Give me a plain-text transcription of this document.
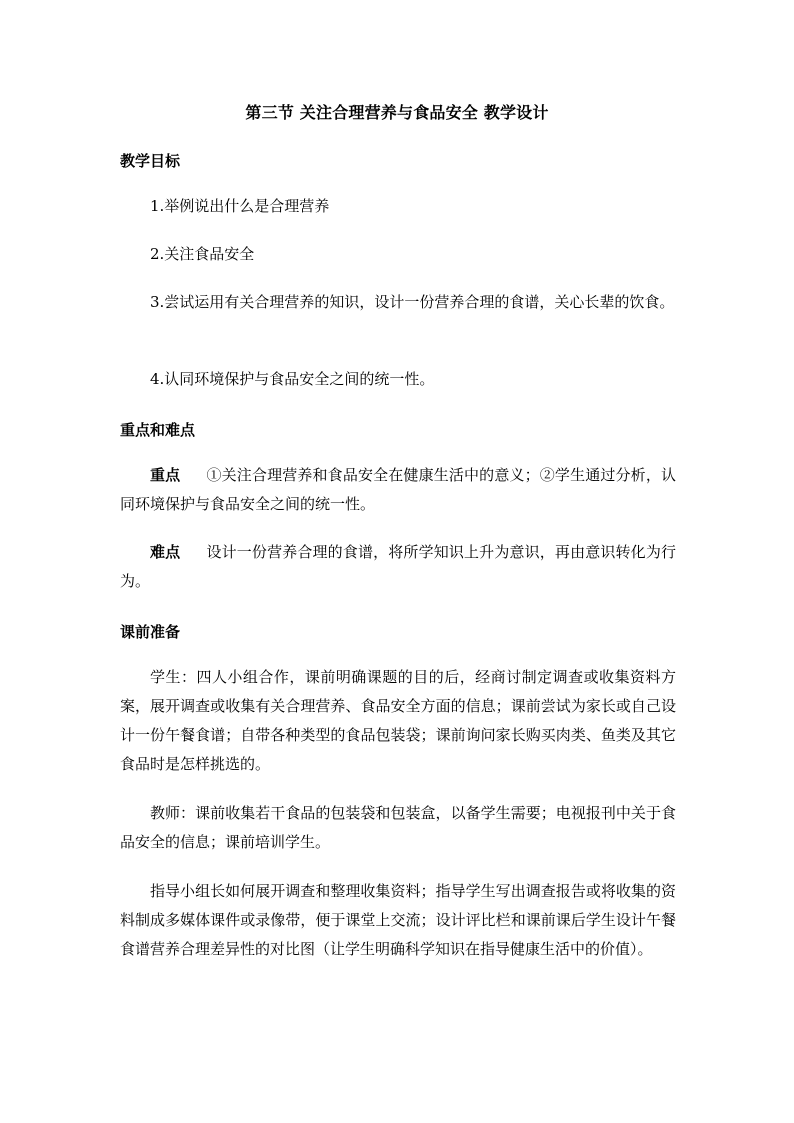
第三节 关注合理营养与食品安全 教学设计
教学目标
1.举例说出什么是合理营养
2.关注食品安全
3.尝试运用有关合理营养的知识，设计一份营养合理的食谱，关心长辈的饮食。
4.认同环境保护与食品安全之间的统一性。
重点和难点
重点 ①关注合理营养和食品安全在健康生活中的意义；②学生通过分析，认同环境保护与食品安全之间的统一性。
难点 设计一份营养合理的食谱，将所学知识上升为意识，再由意识转化为行为。
课前准备
学生：四人小组合作，课前明确课题的目的后，经商讨制定调查或收集资料方案，展开调查或收集有关合理营养、食品安全方面的信息；课前尝试为家长或自己设计一份午餐食谱；自带各种类型的食品包装袋；课前询问家长购买肉类、鱼类及其它食品时是怎样挑选的。
教师：课前收集若干食品的包装袋和包装盒，以备学生需要；电视报刊中关于食品安全的信息；课前培训学生。
指导小组长如何展开调查和整理收集资料；指导学生写出调查报告或将收集的资料制成多媒体课件或录像带，便于课堂上交流；设计评比栏和课前课后学生设计午餐食谱营养合理差异性的对比图（让学生明确科学知识在指导健康生活中的价值）。
